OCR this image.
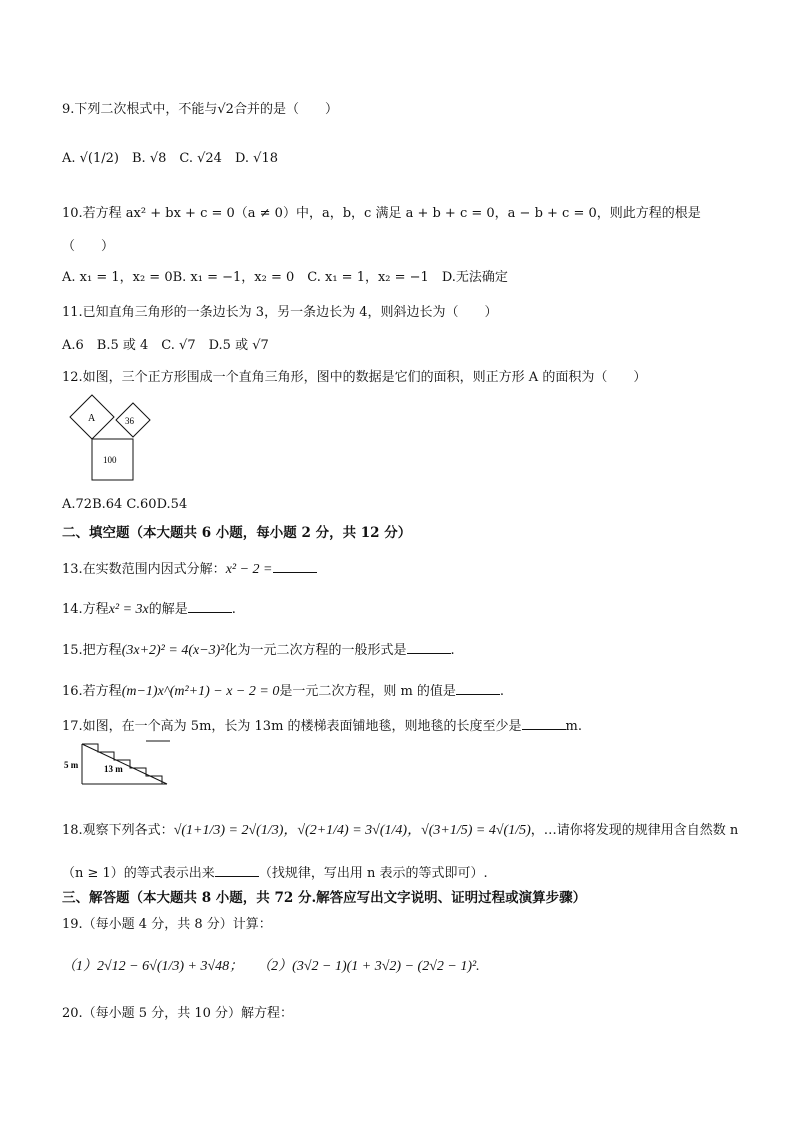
9.下列二次根式中，不能与√2合并的是（　　）
A. √(1/2)　B. √8　C. √24　D. √18
10.若方程 ax² + bx + c = 0（a ≠ 0）中，a，b，c 满足 a + b + c = 0，a − b + c = 0，则此方程的根是
（　　）
A. x₁ = 1，x₂ = 0B. x₁ = −1，x₂ = 0　C. x₁ = 1，x₂ = −1　D.无法确定
11.已知直角三角形的一条边长为 3，另一条边长为 4，则斜边长为（　　）
A.6　B.5 或 4　C. √7　D.5 或 √7
12.如图，三个正方形围成一个直角三角形，图中的数据是它们的面积，则正方形 A 的面积为（　　）
A	36
100
A.72B.64 C.60D.54
二、填空题（本大题共 6 小题，每小题 2 分，共 12 分）
13.在实数范围内因式分解：x² − 2 =
14.方程x² = 3x的解是	.
15.把方程(3x+2)² = 4(x−3)²化为一元二次方程的一般形式是	.
16.若方程(m−1)x^(m²+1) − x − 2 = 0是一元二次方程，则 m 的值是	.
17.如图，在一个高为 5m，长为 13m 的楼梯表面铺地毯，则地毯的长度至少是	m.
5 m	13 m
18.观察下列各式：√(1+1/3) = 2√(1/3)，√(2+1/4) = 3√(1/4)，√(3+1/5) = 4√(1/5)，…请你将发现的规律用含自然数 n
（n ≥ 1）的等式表示出来	（找规律，写出用 n 表示的等式即可）.
三、解答题（本大题共 8 小题，共 72 分.解答应写出文字说明、证明过程或演算步骤）
19.（每小题 4 分，共 8 分）计算：
（1）2√12 − 6√(1/3) + 3√48； （2）(3√2 − 1)(1 + 3√2) − (2√2 − 1)².
20.（每小题 5 分，共 10 分）解方程：
